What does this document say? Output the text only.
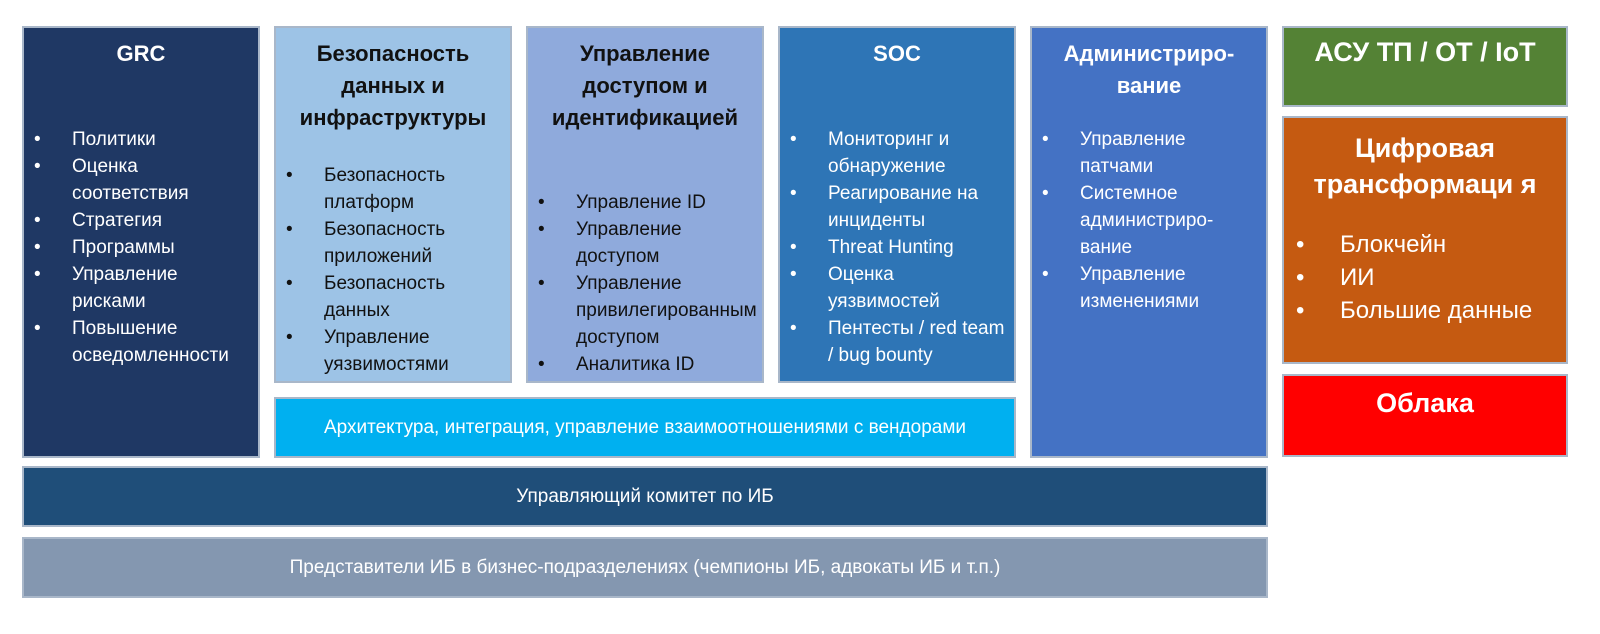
GRC
• Политики
• Оценка соответствия
• Стратегия
• Программы
• Управление рисками
• Повышение осведомленности
Безопасность данных и инфраструктуры
• Безопасность платформ
• Безопасность приложений
• Безопасность данных
• Управление уязвимостями
Управление доступом и идентификацией
• Управление ID
• Управление доступом
• Управление привилегированным доступом
• Аналитика ID
SOC
• Мониторинг и обнаружение
• Реагирование на инциденты
• Threat Hunting
• Оценка уязвимостей
• Пентесты / red team / bug bounty
Администриро-вание
• Управление патчами
• Системное администриро-вание
• Управление изменениями
Архитектура, интеграция, управление взаимоотношениями с вендорами
Управляющий комитет по ИБ
Представители ИБ в бизнес-подразделениях (чемпионы ИБ, адвокаты ИБ и т.п.)
АСУ ТП / ОТ / IoT
Цифровая трансформаци я
• Блокчейн
• ИИ
• Большие данные
Облака
